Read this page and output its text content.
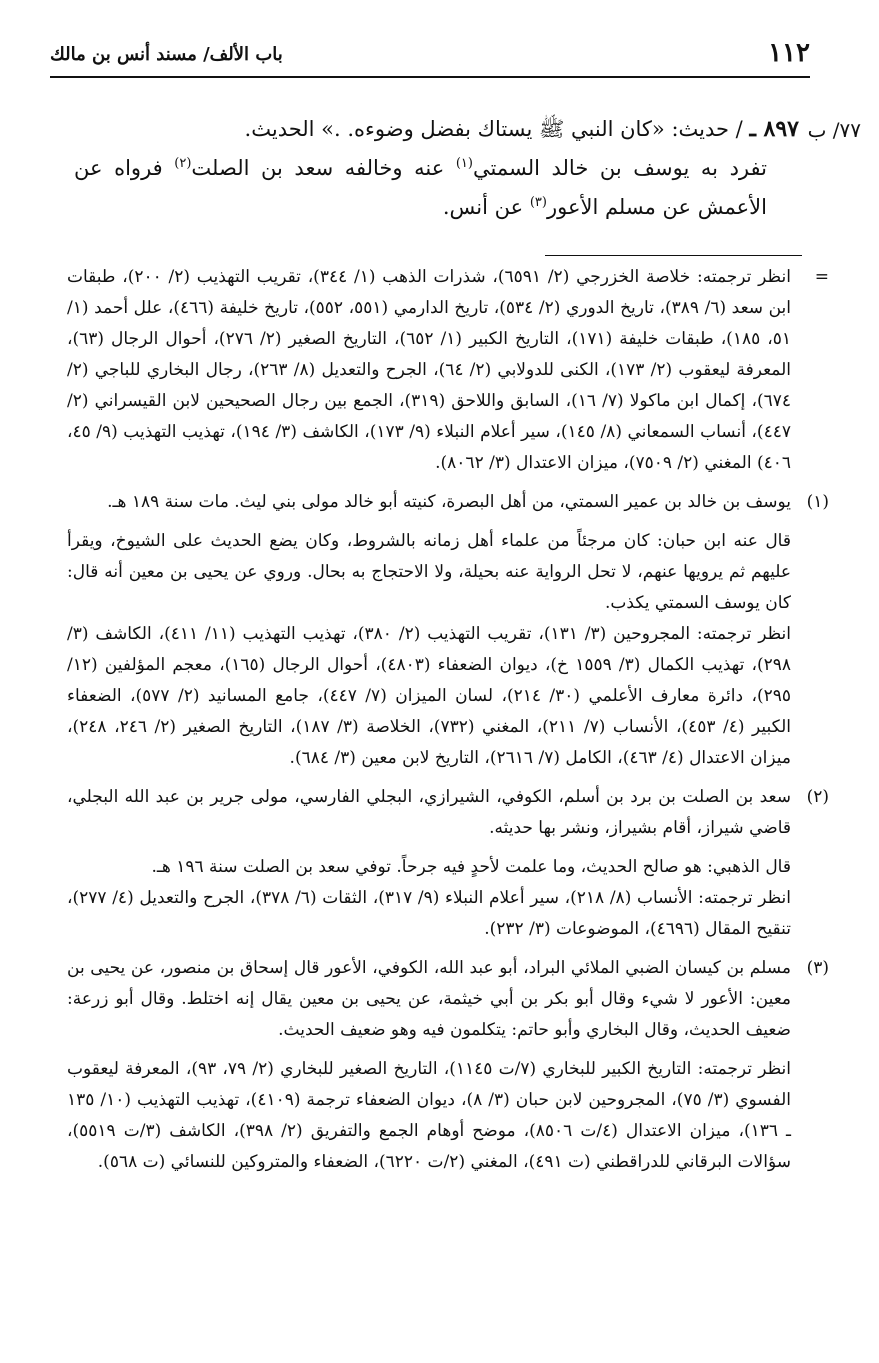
١١٢
باب الألف/ مسند أنس بن مالك
٧٧/ ب

٨٩٧ ـ / حديث: «كان النبي ﷺ يستاك بفضل وضوءه. .» الحديث.

تفرد به يوسف بن خالد السمتي$^{(١)}$ عنه وخالفه سعد بن الصلت$^{(٢)}$ فرواه عن الأعمش عن مسلم الأعور$^{(٣)}$ عن أنس.

=
انظر ترجمته: خلاصة الخزرجي (٢/ ٦٥٩١)، شذرات الذهب (١/ ٣٤٤)، تقريب التهذيب (٢/ ٢٠٠)، طبقات ابن سعد (٦/ ٣٨٩)، تاريخ الدوري (٢/ ٥٣٤)، تاريخ الدارمي (٥٥١، ٥٥٢)، تاريخ خليفة (٤٦٦)، علل أحمد (١/ ٥١، ١٨٥)، طبقات خليفة (١٧١)، التاريخ الكبير (١/ ٦٥٢)، التاريخ الصغير (٢/ ٢٧٦)، أحوال الرجال (٦٣)، المعرفة ليعقوب (٢/ ١٧٣)، الكنى للدولابي (٢/ ٦٤)، الجرح والتعديل (٨/ ٢٦٣)، رجال البخاري للباجي (٢/ ٦٧٤)، إكمال ابن ماكولا (٧/ ١٦)، السابق واللاحق (٣١٩)، الجمع بين رجال الصحيحين لابن القيسراني (٢/ ٤٤٧)، أنساب السمعاني (٨/ ١٤٥)، سير أعلام النبلاء (٩/ ١٧٣)، الكاشف (٣/ ١٩٤)، تهذيب التهذيب (٩/ ٤٥، ٤٠٦) المغني (٢/ ٧٥٠٩)، ميزان الاعتدال (٣/ ٨٠٦٢).
(١)
يوسف بن خالد بن عمير السمتي، من أهل البصرة، كنيته أبو خالد مولى بني ليث. مات سنة ١٨٩ هـ.

قال عنه ابن حبان: كان مرجئاً من علماء أهل زمانه بالشروط، وكان يضع الحديث على الشيوخ، ويقرأ عليهم ثم يرويها عنهم، لا تحل الرواية عنه بحيلة، ولا الاحتجاج به بحال. وروي عن يحيى بن معين أنه قال: كان يوسف السمتي يكذب.

انظر ترجمته: المجروحين (٣/ ١٣١)، تقريب التهذيب (٢/ ٣٨٠)، تهذيب التهذيب (١١/ ٤١١)، الكاشف (٣/ ٢٩٨)، تهذيب الكمال (٣/ ١٥٥٩ خ)، ديوان الضعفاء (٤٨٠٣)، أحوال الرجال (١٦٥)، معجم المؤلفين (١٢/ ٢٩٥)، دائرة معارف الأعلمي (٣٠/ ٢١٤)، لسان الميزان (٧/ ٤٤٧)، جامع المسانيد (٢/ ٥٧٧)، الضعفاء الكبير (٤/ ٤٥٣)، الأنساب (٧/ ٢١١)، المغني (٧٣٢)، الخلاصة (٣/ ١٨٧)، التاريخ الصغير (٢/ ٢٤٦، ٢٤٨)، ميزان الاعتدال (٤/ ٤٦٣)، الكامل (٧/ ٢٦١٦)، التاريخ لابن معين (٣/ ٦٨٤).

(٢)
سعد بن الصلت بن برد بن أسلم، الكوفي، الشيرازي، البجلي الفارسي، مولى جرير بن عبد الله البجلي، قاضي شيراز، أقام بشيراز، ونشر بها حديثه.

قال الذهبي: هو صالح الحديث، وما علمت لأحدٍ فيه جرحاً. توفي سعد بن الصلت سنة ١٩٦ هـ.

انظر ترجمته: الأنساب (٨/ ٢١٨)، سير أعلام النبلاء (٩/ ٣١٧)، الثقات (٦/ ٣٧٨)، الجرح والتعديل (٤/ ٢٧٧)، تنقيح المقال (٤٦٩٦)، الموضوعات (٣/ ٢٣٢).

(٣)
مسلم بن كيسان الضبي الملائي البراد، أبو عبد الله، الكوفي، الأعور قال إسحاق بن منصور، عن يحيى بن معين: الأعور لا شيء وقال أبو بكر بن أبي خيثمة، عن يحيى بن معين يقال إنه اختلط. وقال أبو زرعة: ضعيف الحديث، وقال البخاري وأبو حاتم: يتكلمون فيه وهو ضعيف الحديث.

انظر ترجمته: التاريخ الكبير للبخاري (٧/ت ١١٤٥)، التاريخ الصغير للبخاري (٢/ ٧٩، ٩٣)، المعرفة ليعقوب الفسوي (٣/ ٧٥)، المجروحين لابن حبان (٣/ ٨)، ديوان الضعفاء ترجمة (٤١٠٩)، تهذيب التهذيب (١٠/ ١٣٥ ـ ١٣٦)، ميزان الاعتدال (٤/ت ٨٥٠٦)، موضح أوهام الجمع والتفريق (٢/ ٣٩٨)، الكاشف (٣/ت ٥٥١٩)، سؤالات البرقاني للدراقطني (ت ٤٩١)، المغني (٢/ت ٦٢٢٠)، الضعفاء والمتروكين للنسائي (ت ٥٦٨).
